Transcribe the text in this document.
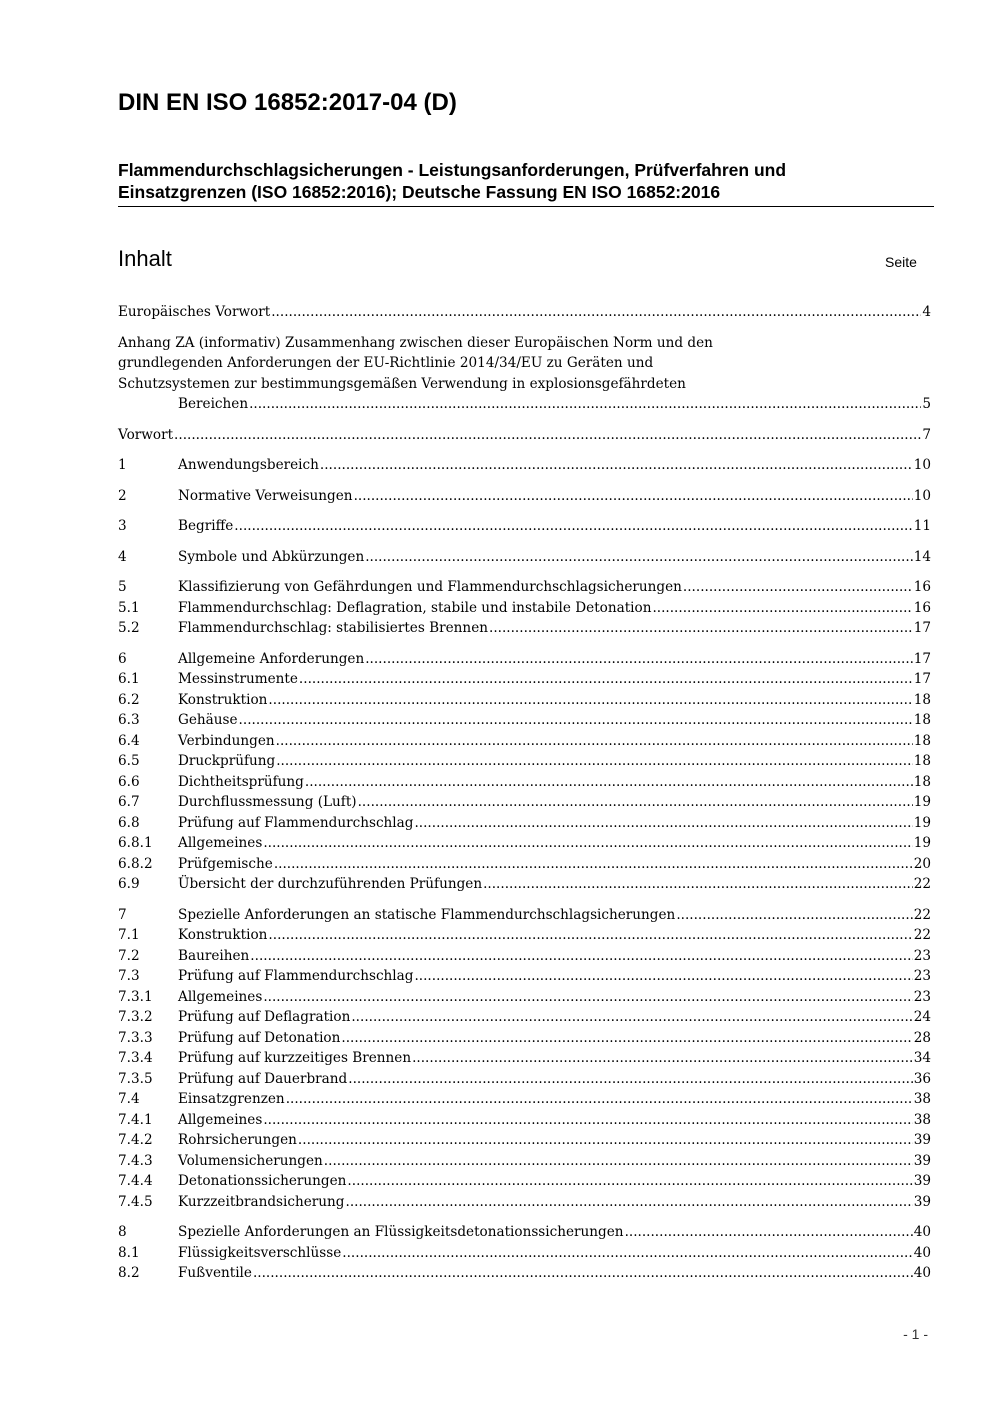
DIN EN ISO 16852:2017-04 (D)
Flammendurchschlagsicherungen - Leistungsanforderungen, Prüfverfahren und
Einsatzgrenzen (ISO 16852:2016); Deutsche Fassung EN ISO 16852:2016
Inhalt	Seite
Europäisches Vorwort .....	4
Anhang ZA (informativ) Zusammenhang zwischen dieser Europäischen Norm und den
grundlegenden Anforderungen der EU-Richtlinie 2014/34/EU zu Geräten und
Schutzsystemen zur bestimmungsgemäßen Verwendung in explosionsgefährdeten
Bereichen .....	5
Vorwort .....	7
1	Anwendungsbereich .....	10
2	Normative Verweisungen .....	10
3	Begriffe .....	11
4	Symbole und Abkürzungen .....	14
5	Klassifizierung von Gefährdungen und Flammendurchschlagsicherungen .....	16
5.1	Flammendurchschlag: Deflagration, stabile und instabile Detonation .....	16
5.2	Flammendurchschlag: stabilisiertes Brennen .....	17
6	Allgemeine Anforderungen .....	17
6.1	Messinstrumente .....	17
6.2	Konstruktion .....	18
6.3	Gehäuse .....	18
6.4	Verbindungen .....	18
6.5	Druckprüfung .....	18
6.6	Dichtheitsprüfung .....	18
6.7	Durchflussmessung (Luft) .....	19
6.8	Prüfung auf Flammendurchschlag .....	19
6.8.1	Allgemeines .....	19
6.8.2	Prüfgemische .....	20
6.9	Übersicht der durchzuführenden Prüfungen .....	22
7	Spezielle Anforderungen an statische Flammendurchschlagsicherungen .....	22
7.1	Konstruktion .....	22
7.2	Baureihen .....	23
7.3	Prüfung auf Flammendurchschlag .....	23
7.3.1	Allgemeines .....	23
7.3.2	Prüfung auf Deflagration .....	24
7.3.3	Prüfung auf Detonation .....	28
7.3.4	Prüfung auf kurzzeitiges Brennen .....	34
7.3.5	Prüfung auf Dauerbrand .....	36
7.4	Einsatzgrenzen .....	38
7.4.1	Allgemeines .....	38
7.4.2	Rohrsicherungen .....	39
7.4.3	Volumensicherungen .....	39
7.4.4	Detonationssicherungen .....	39
7.4.5	Kurzzeitbrandsicherung .....	39
8	Spezielle Anforderungen an Flüssigkeitsdetonationssicherungen .....	40
8.1	Flüssigkeitsverschlüsse .....	40
8.2	Fußventile .....	40
- 1 -
